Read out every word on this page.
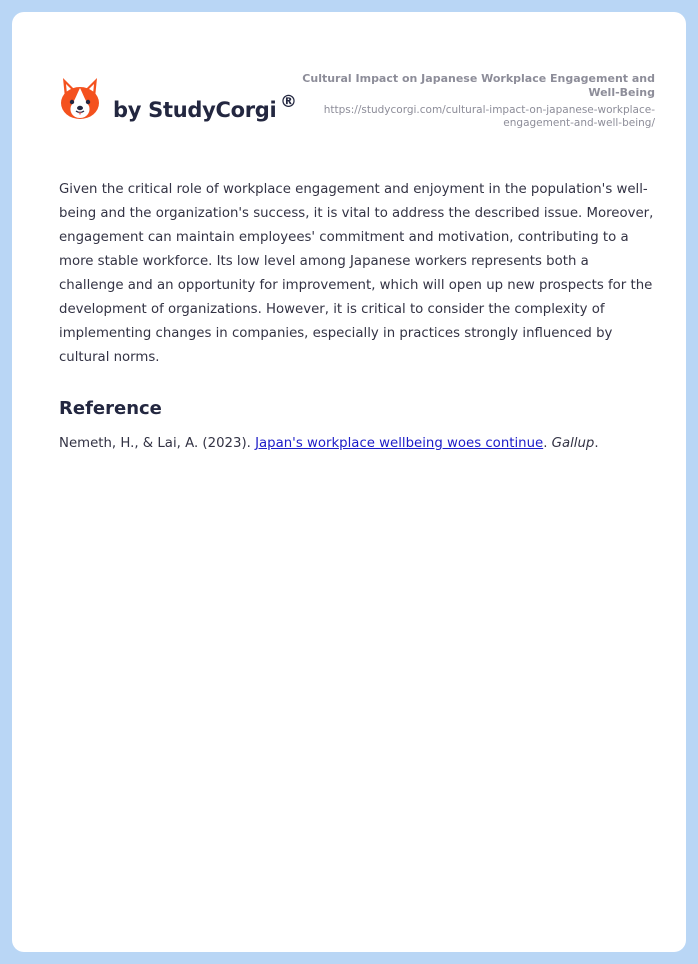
by StudyCorgi ®
Cultural Impact on Japanese Workplace Engagement and Well-Being
https://studycorgi.com/cultural-impact-on-japanese-workplace-engagement-and-well-being/
Given the critical role of workplace engagement and enjoyment in the population's well-being and the organization's success, it is vital to address the described issue. Moreover, engagement can maintain employees' commitment and motivation, contributing to a more stable workforce. Its low level among Japanese workers represents both a challenge and an opportunity for improvement, which will open up new prospects for the development of organizations. However, it is critical to consider the complexity of implementing changes in companies, especially in practices strongly influenced by cultural norms.
Reference
Nemeth, H., & Lai, A. (2023). Japan's workplace wellbeing woes continue. Gallup.
